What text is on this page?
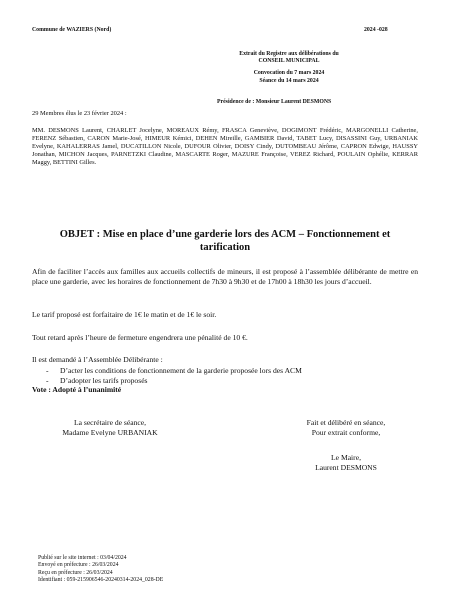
Commune de WAZIERS (Nord)	2024 -028
Extrait du Registre aux délibérations du
CONSEIL MUNICIPAL
Convocation du 7 mars 2024
Séance du 14 mars 2024
Présidence de : Monsieur Laurent DESMONS
29 Membres élus le 23 février 2024 :
MM. DESMONS Laurent, CHARLET Jocelyne, MOREAUX Rémy, FRASCA Geneviève, DOGIMONT Frédéric, MARGONELLI Catherine, FERENZ Sébastien, CARON Marie-José, HIMEUR Kémici, DEHEN Mireille, GAMBIER David, TABET Lucy, DISASSINI Guy, URBANIAK Evelyne, KAHALERRAS Jamel, DUCATILLON Nicole, DUFOUR Olivier, DOISY Cindy, DUTOMBEAU Jérôme, CAPRON Edwige, HAUSSY Jonathan, MICHON Jacques, PARNETZKI Claudine, MASCARTE Roger, MAZURE Françoise, VEREZ Richard, POULAIN Ophélie, KERRAR Maggy, BETTINI Gilles.
OBJET : Mise en place d’une garderie lors des ACM – Fonctionnement et
tarification
Afin de faciliter l’accès aux familles aux accueils collectifs de mineurs, il est proposé à l’assemblée délibérante de mettre en place une garderie, avec les horaires de fonctionnement de 7h30 à 9h30 et de 17h00 à 18h30 les jours d’accueil.
Le tarif proposé est forfaitaire de 1€ le matin et de 1€ le soir.
Tout retard après l’heure de fermeture engendrera une pénalité de 10 €.
Il est demandé à l’Assemblée Délibérante :
- D’acter les conditions de fonctionnement de la garderie proposée lors des ACM
- D’adopter les tarifs proposés
Vote : Adopté à l’unanimité
La secrétaire de séance,
Madame Evelyne URBANIAK
Fait et délibéré en séance,
Pour extrait conforme,
Le Maire,
Laurent DESMONS
Publié sur le site internet : 03/04/2024
Envoyé en préfecture : 26/03/2024
Reçu en préfecture : 26/03/2024
Identifiant : 059-215906546-20240314-2024_028-DE
